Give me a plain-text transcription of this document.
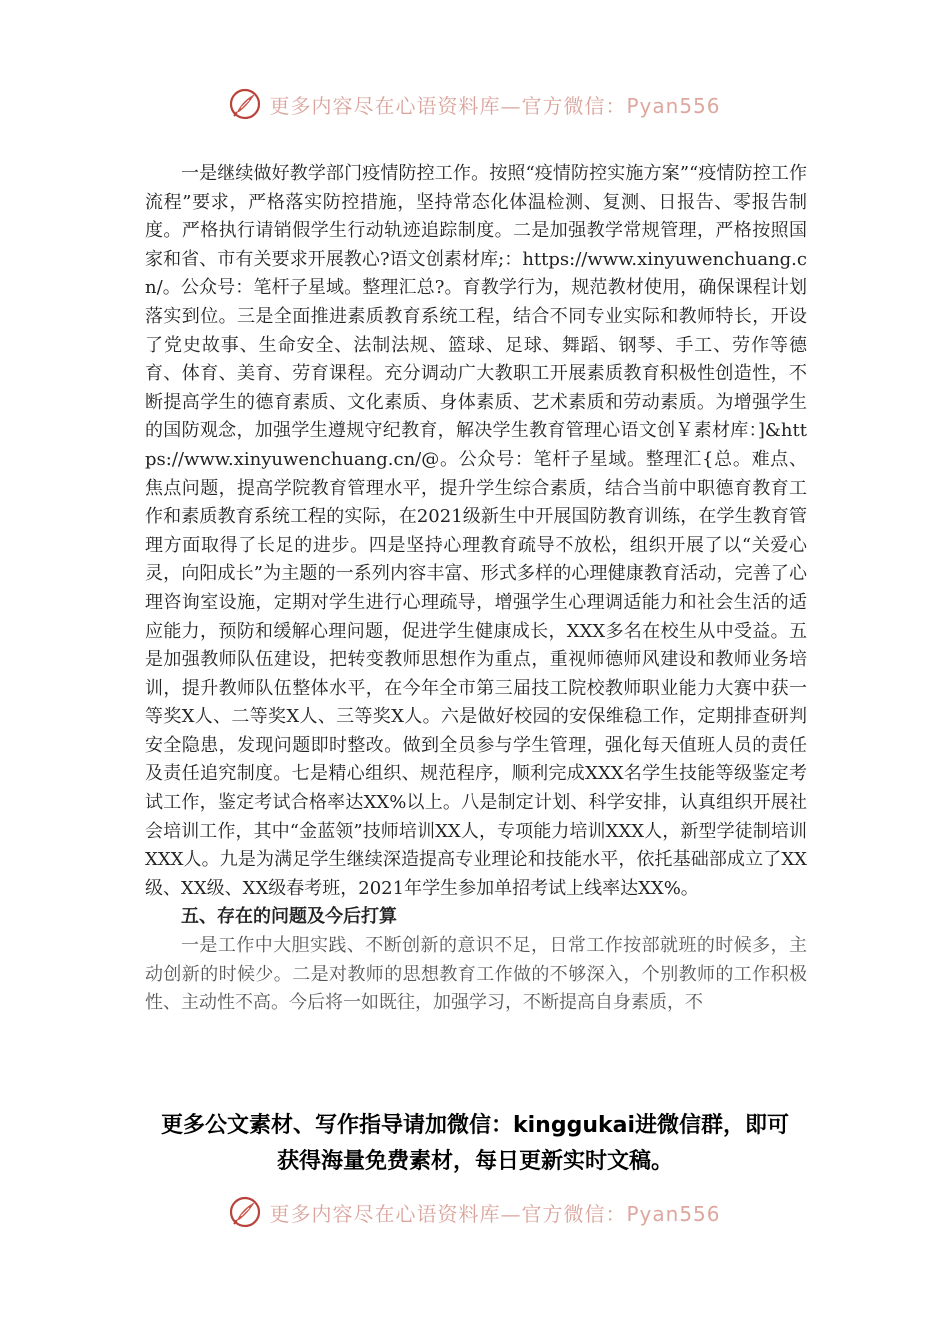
更多内容尽在心语资料库—官方微信：Pyan556

一是继续做好教学部门疫情防控工作。按照“疫情防控实施方案”“疫情防控工作流程”要求，严格落实防控措施，坚持常态化体温检测、复测、日报告、零报告制度。严格执行请销假学生行动轨迹追踪制度。二是加强教学常规管理，严格按照国家和省、市有关要求开展教心?语文创素材库;：https://www.xinyuwenchuang.cn/。公众号：笔杆子星域。整理汇总?。育教学行为，规范教材使用，确保课程计划落实到位。三是全面推进素质教育系统工程，结合不同专业实际和教师特长，开设了党史故事、生命安全、法制法规、篮球、足球、舞蹈、钢琴、手工、劳作等德育、体育、美育、劳育课程。充分调动广大教职工开展素质教育积极性创造性，不断提高学生的德育素质、文化素质、身体素质、艺术素质和劳动素质。为增强学生的国防观念，加强学生遵规守纪教育，解决学生教育管理心语文创￥素材库：]&https://www.xinyuwenchuang.cn/@。公众号：笔杆子星域。整理汇{总。难点、焦点问题，提高学院教育管理水平，提升学生综合素质，结合当前中职德育教育工作和素质教育系统工程的实际，在2021级新生中开展国防教育训练，在学生教育管理方面取得了长足的进步。四是坚持心理教育疏导不放松，组织开展了以“关爱心灵，向阳成长”为主题的一系列内容丰富、形式多样的心理健康教育活动，完善了心理咨询室设施，定期对学生进行心理疏导，增强学生心理调适能力和社会生活的适应能力，预防和缓解心理问题，促进学生健康成长，XXX多名在校生从中受益。五是加强教师队伍建设，把转变教师思想作为重点，重视师德师风建设和教师业务培训，提升教师队伍整体水平，在今年全市第三届技工院校教师职业能力大赛中获一等奖X人、二等奖X人、三等奖X人。六是做好校园的安保维稳工作，定期排查研判安全隐患，发现问题即时整改。做到全员参与学生管理，强化每天值班人员的责任及责任追究制度。七是精心组织、规范程序，顺利完成XXX名学生技能等级鉴定考试工作，鉴定考试合格率达XX%以上。八是制定计划、科学安排，认真组织开展社会培训工作，其中“金蓝领”技师培训XX人，专项能力培训XXX人，新型学徒制培训XXX人。九是为满足学生继续深造提高专业理论和技能水平，依托基础部成立了XX级、XX级、XX级春考班，2021年学生参加单招考试上线率达XX%。

五、存在的问题及今后打算

一是工作中大胆实践、不断创新的意识不足，日常工作按部就班的时候多，主动创新的时候少。二是对教师的思想教育工作做的不够深入，个别教师的工作积极性、主动性不高。今后将一如既往，加强学习，不断提高自身素质，不

更多公文素材、写作指导请加微信：kinggukai进微信群，即可
获得海量免费素材，每日更新实时文稿。
更多内容尽在心语资料库—官方微信：Pyan556
